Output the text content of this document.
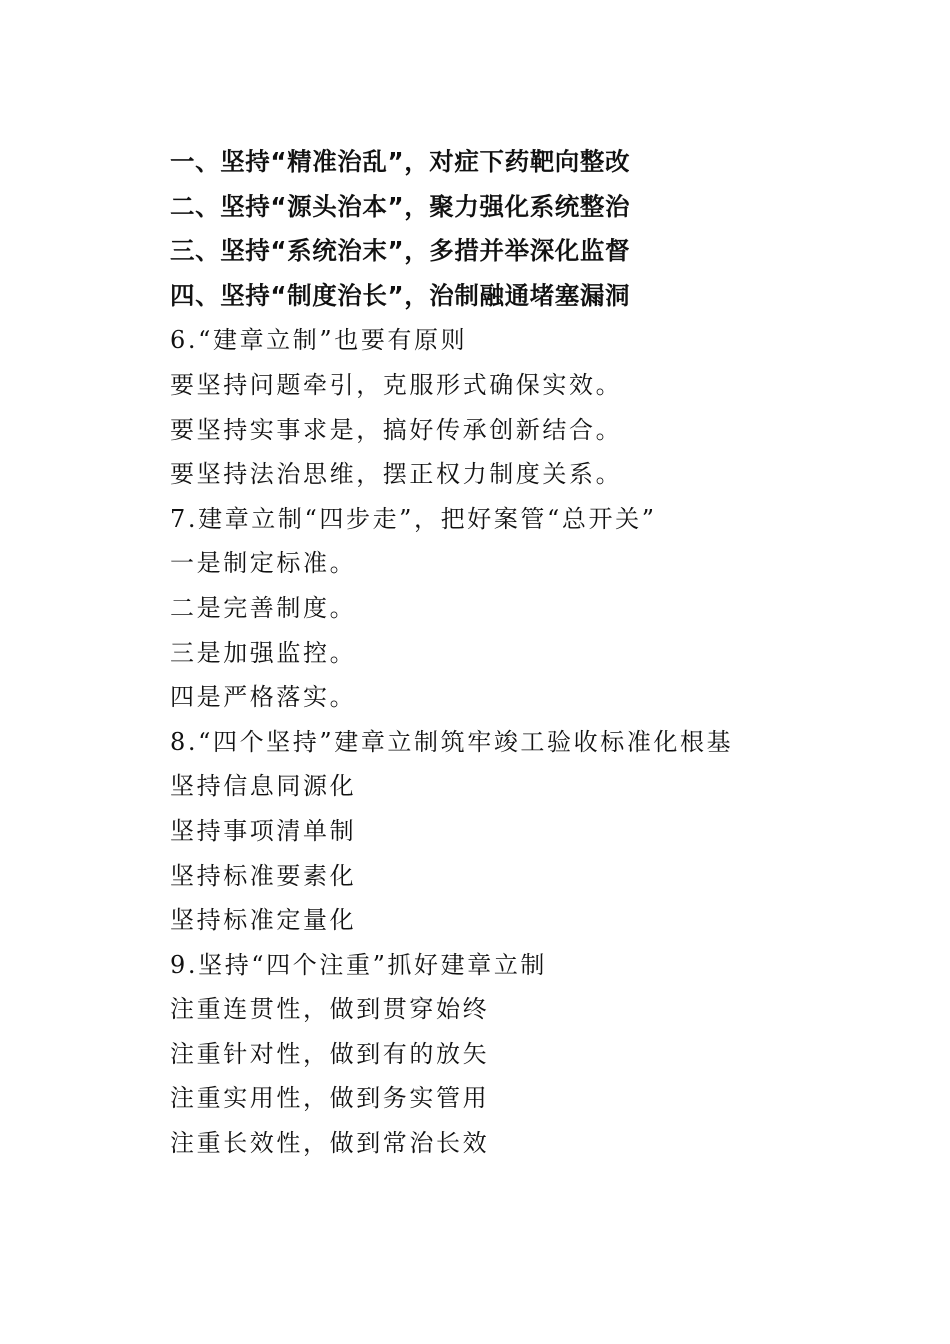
一、坚持“精准治乱”，对症下药靶向整改
二、坚持“源头治本”，聚力强化系统整治
三、坚持“系统治末”，多措并举深化监督
四、坚持“制度治长”，治制融通堵塞漏洞
6.“建章立制”也要有原则
要坚持问题牵引，克服形式确保实效。
要坚持实事求是，搞好传承创新结合。
要坚持法治思维，摆正权力制度关系。
7.建章立制“四步走”，把好案管“总开关”
一是制定标准。
二是完善制度。
三是加强监控。
四是严格落实。
8.“四个坚持”建章立制筑牢竣工验收标准化根基
坚持信息同源化
坚持事项清单制
坚持标准要素化
坚持标准定量化
9.坚持“四个注重”抓好建章立制
注重连贯性，做到贯穿始终
注重针对性，做到有的放矢
注重实用性，做到务实管用
注重长效性，做到常治长效
